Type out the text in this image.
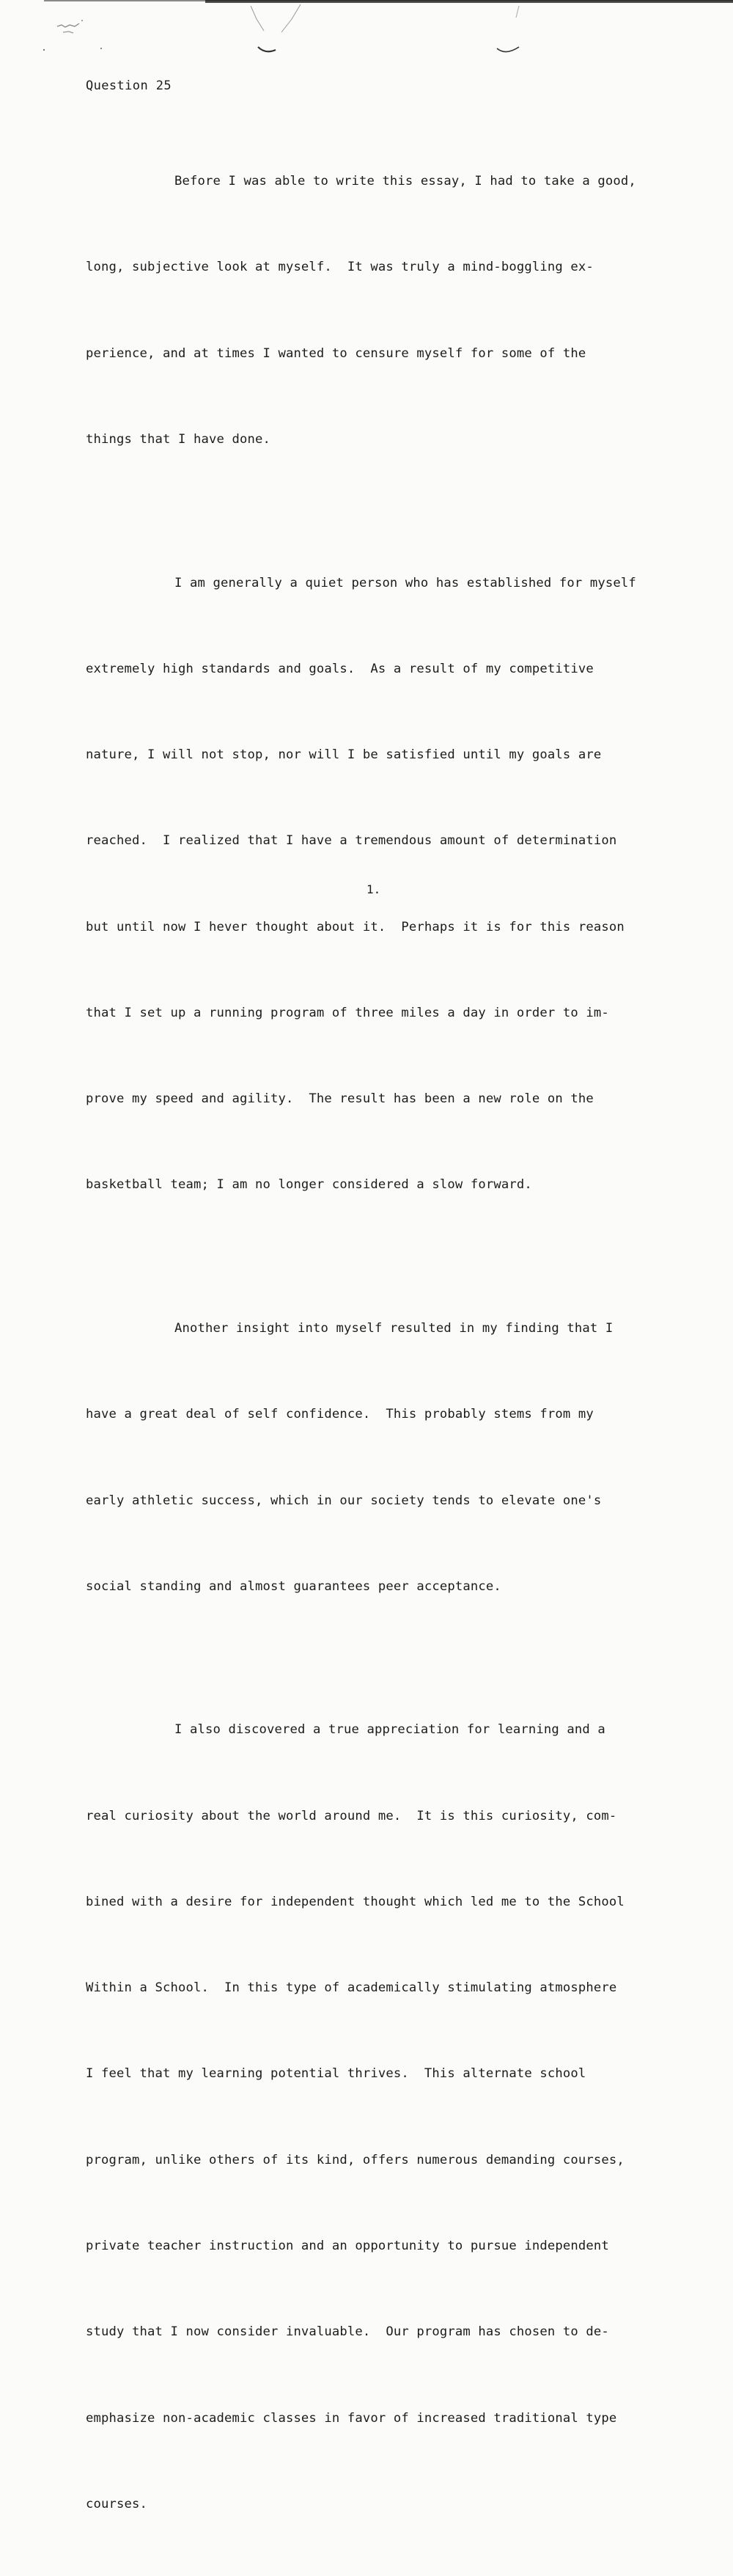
Question 25

Before I was able to write this essay, I had to take a good,

long, subjective look at myself.  It was truly a mind-boggling ex-

perience, and at times I wanted to censure myself for some of the

things that I have done.

I am generally a quiet person who has established for myself

extremely high standards and goals.  As a result of my competitive

nature, I will not stop, nor will I be satisfied until my goals are

reached.  I realized that I have a tremendous amount of determination

but until now I hever thought about it.  Perhaps it is for this reason

that I set up a running program of three miles a day in order to im-

prove my speed and agility.  The result has been a new role on the

basketball team; I am no longer considered a slow forward.

Another insight into myself resulted in my finding that I

have a great deal of self confidence.  This probably stems from my

early athletic success, which in our society tends to elevate one's

social standing and almost guarantees peer acceptance.

I also discovered a true appreciation for learning and a

real curiosity about the world around me.  It is this curiosity, com-

bined with a desire for independent thought which led me to the School

Within a School.  In this type of academically stimulating atmosphere

I feel that my learning potential thrives.  This alternate school

program, unlike others of its kind, offers numerous demanding courses,

private teacher instruction and an opportunity to pursue independent

study that I now consider invaluable.  Our program has chosen to de-

emphasize non-academic classes in favor of increased traditional type

courses.

1.
